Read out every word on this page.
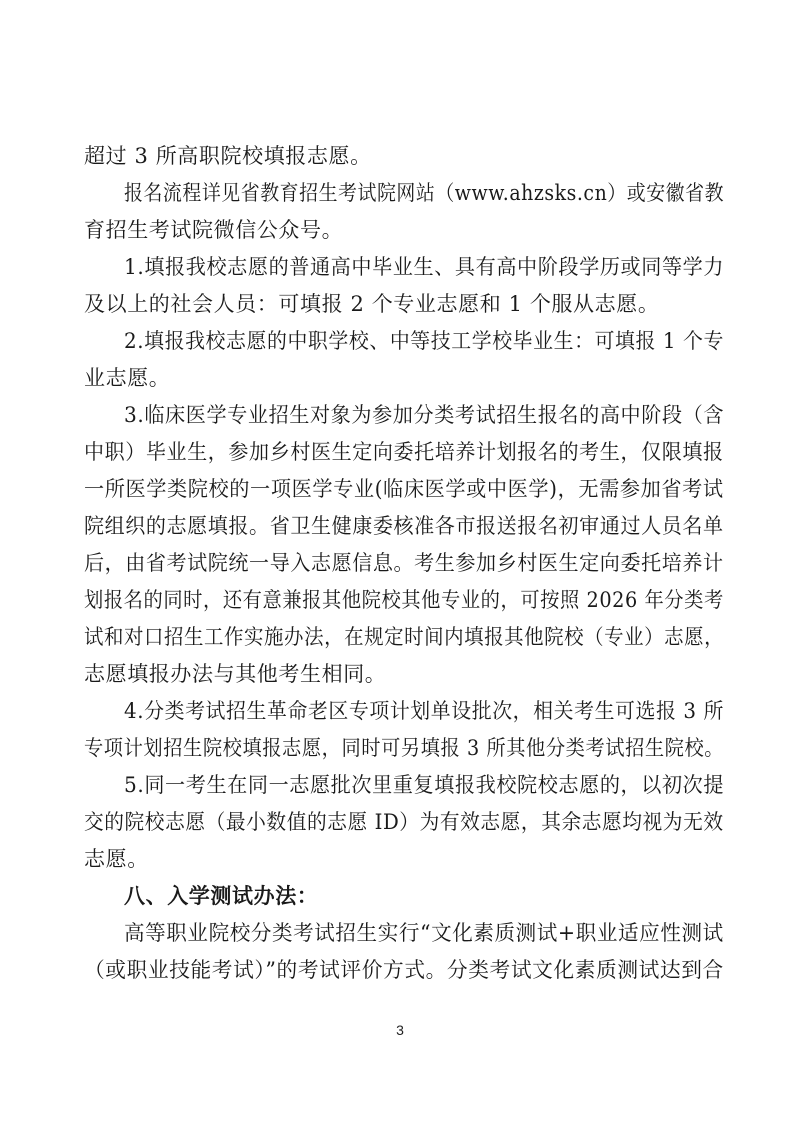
超过 3 所高职院校填报志愿。
报名流程详见省教育招生考试院网站（www.ahzsks.cn）或安徽省教
育招生考试院微信公众号。
1.填报我校志愿的普通高中毕业生、具有高中阶段学历或同等学力
及以上的社会人员：可填报 2 个专业志愿和 1 个服从志愿。
2.填报我校志愿的中职学校、中等技工学校毕业生：可填报 1 个专
业志愿。
3.临床医学专业招生对象为参加分类考试招生报名的高中阶段（含
中职）毕业生，参加乡村医生定向委托培养计划报名的考生，仅限填报
一所医学类院校的一项医学专业(临床医学或中医学)，无需参加省考试
院组织的志愿填报。省卫生健康委核准各市报送报名初审通过人员名单
后，由省考试院统一导入志愿信息。考生参加乡村医生定向委托培养计
划报名的同时，还有意兼报其他院校其他专业的，可按照 2026 年分类考
试和对口招生工作实施办法，在规定时间内填报其他院校（专业）志愿，
志愿填报办法与其他考生相同。
4.分类考试招生革命老区专项计划单设批次，相关考生可选报 3 所
专项计划招生院校填报志愿，同时可另填报 3 所其他分类考试招生院校。
5.同一考生在同一志愿批次里重复填报我校院校志愿的，以初次提
交的院校志愿（最小数值的志愿 ID）为有效志愿，其余志愿均视为无效
志愿。
八、入学测试办法：
高等职业院校分类考试招生实行“文化素质测试+职业适应性测试
（或职业技能考试）”的考试评价方式。分类考试文化素质测试达到合
3
